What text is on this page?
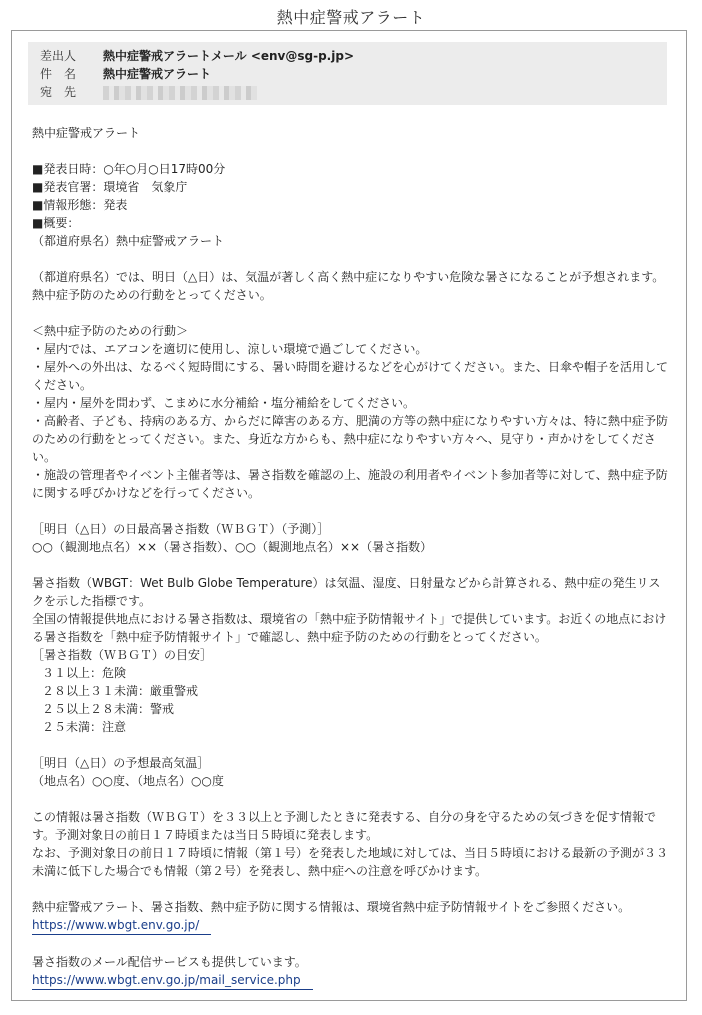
熱中症警戒アラート
差出人 熱中症警戒アラートメール <env@sg-p.jp>
件　名 熱中症警戒アラート
宛　先

熱中症警戒アラート

■発表日時：○年○月○日17時00分

■発表官署：環境省　気象庁

■情報形態：発表

■概要：

（都道府県名）熱中症警戒アラート

（都道府県名）では、明日（△日）は、気温が著しく高く熱中症になりやすい危険な暑さになることが予想されます。

熱中症予防のための行動をとってください。

＜熱中症予防のための行動＞

・屋内では、エアコンを適切に使用し、涼しい環境で過ごしてください。

・屋外への外出は、なるべく短時間にする、暑い時間を避けるなどを心がけてください。また、日傘や帽子を活用してください。

・屋内・屋外を問わず、こまめに水分補給・塩分補給をしてください。

・高齢者、子ども、持病のある方、からだに障害のある方、肥満の方等の熱中症になりやすい方々は、特に熱中症予防のための行動をとってください。また、身近な方からも、熱中症になりやすい方々へ、見守り・声かけをしてください。

・施設の管理者やイベント主催者等は、暑さ指数を確認の上、施設の利用者やイベント参加者等に対して、熱中症予防に関する呼びかけなどを行ってください。

［明日（△日）の日最高暑さ指数（ＷＢＧＴ）（予測）］

○○（観測地点名）××（暑さ指数）、○○（観測地点名）××（暑さ指数）

暑さ指数（WBGT：Wet Bulb Globe Temperature）は気温、湿度、日射量などから計算される、熱中症の発生リスクを示した指標です。

全国の情報提供地点における暑さ指数は、環境省の「熱中症予防情報サイト」で提供しています。お近くの地点における暑さ指数を「熱中症予防情報サイト」で確認し、熱中症予防のための行動をとってください。

［暑さ指数（ＷＢＧＴ）の目安］

３１以上：危険

２８以上３１未満：厳重警戒

２５以上２８未満：警戒

２５未満：注意

［明日（△日）の予想最高気温］

（地点名）○○度、（地点名）○○度

この情報は暑さ指数（ＷＢＧＴ）を３３以上と予測したときに発表する、自分の身を守るための気づきを促す情報です。予測対象日の前日１７時頃または当日５時頃に発表します。

なお、予測対象日の前日１７時頃に情報（第１号）を発表した地域に対しては、当日５時頃における最新の予測が３３未満に低下した場合でも情報（第２号）を発表し、熱中症への注意を呼びかけます。

熱中症警戒アラート、暑さ指数、熱中症予防に関する情報は、環境省熱中症予防情報サイトをご参照ください。

https://www.wbgt.env.go.jp/

暑さ指数のメール配信サービスも提供しています。

https://www.wbgt.env.go.jp/mail_service.php
